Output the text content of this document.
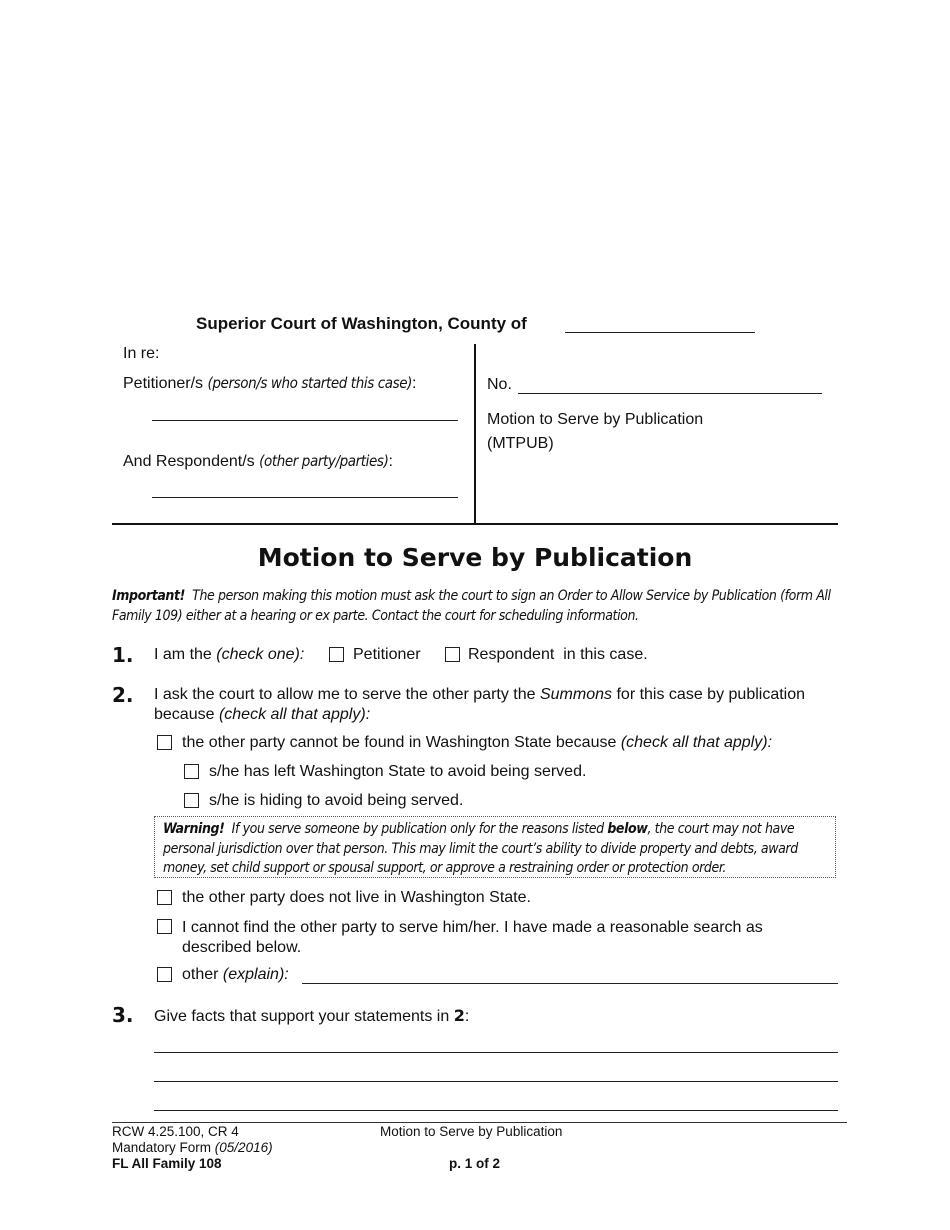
Superior Court of Washington, County of
In re:
Petitioner/s (person/s who started this case):
And Respondent/s (other party/parties):
No.
Motion to Serve by Publication
(MTPUB)
Motion to Serve by Publication
Important! The person making this motion must ask the court to sign an Order to Allow Service by Publication (form All Family 109) either at a hearing or ex parte. Contact the court for scheduling information.
1. I am the (check one):	Petitioner	Respondent in this case.
2. I ask the court to allow me to serve the other party the Summons for this case by publication because (check all that apply):
the other party cannot be found in Washington State because (check all that apply):
s/he has left Washington State to avoid being served.
s/he is hiding to avoid being served.
Warning! If you serve someone by publication only for the reasons listed below, the court may not have personal jurisdiction over that person. This may limit the court’s ability to divide property and debts, award money, set child support or spousal support, or approve a restraining order or protection order.
the other party does not live in Washington State.
I cannot find the other party to serve him/her. I have made a reasonable search as described below.
other (explain):
3. Give facts that support your statements in 2:
RCW 4.25.100, CR 4
Mandatory Form (05/2016)
FL All Family 108
Motion to Serve by Publication
p. 1 of 2
